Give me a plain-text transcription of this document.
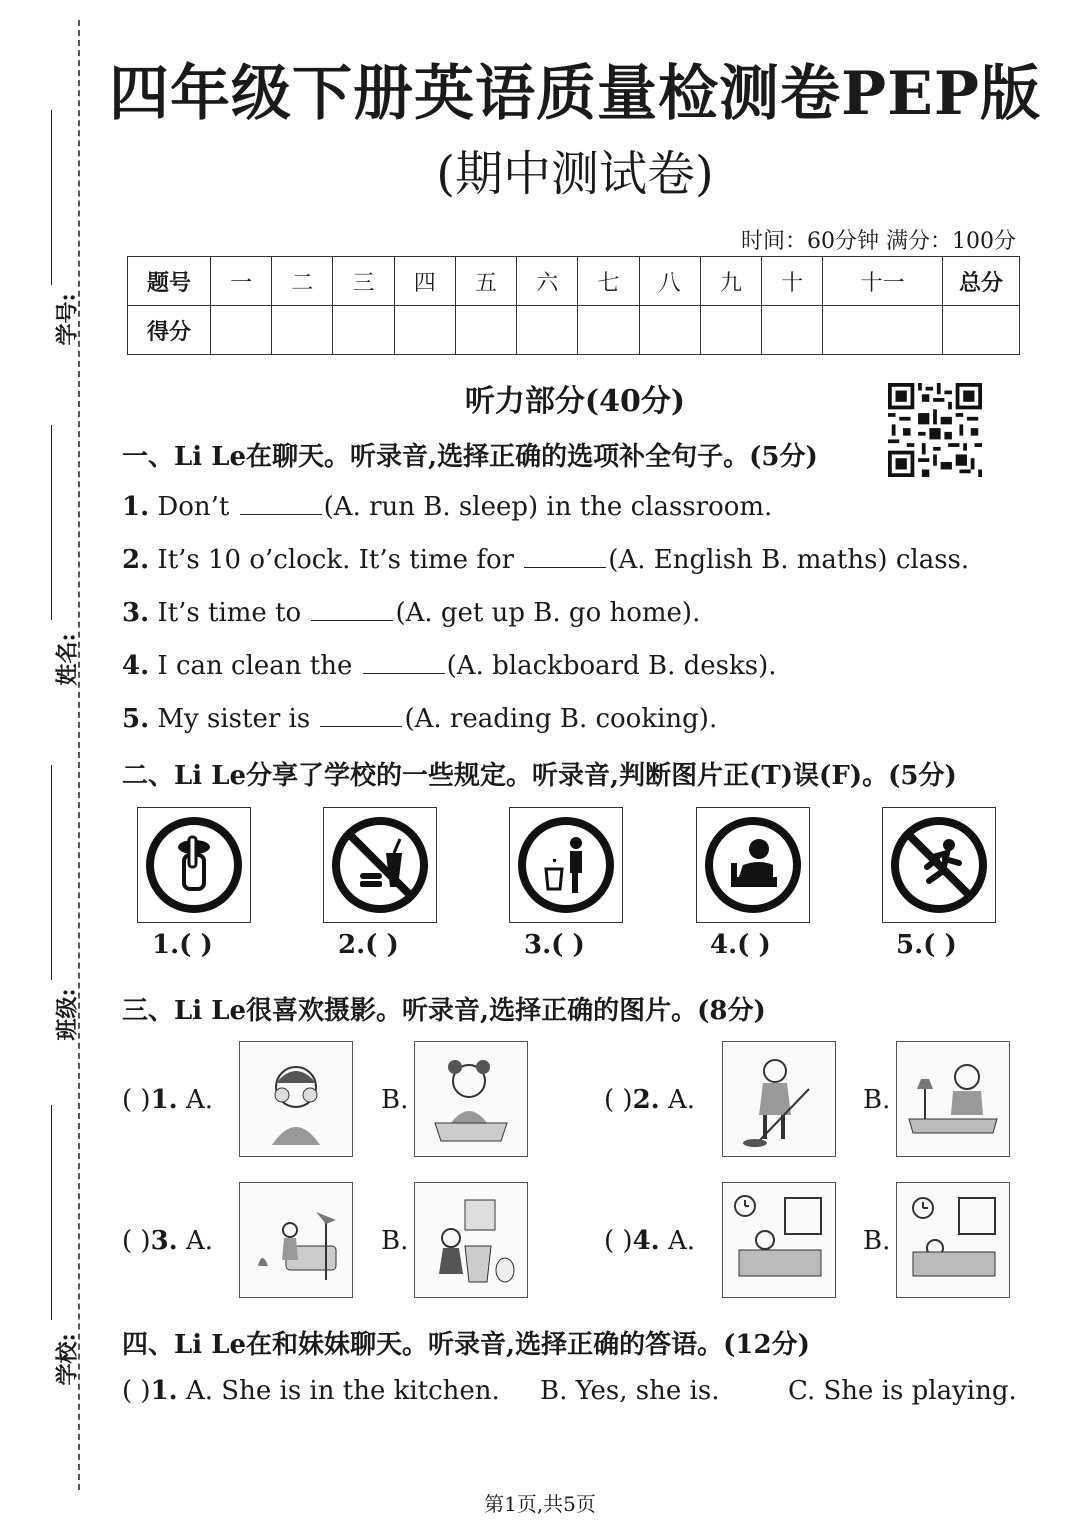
学号:
姓名:
班级:
学校:
四年级下册英语质量检测卷PEP版
(期中测试卷)
时间：60分钟 满分：100分
题号	一	二	三	四	五	六	七	八	九	十	十一	总分
得分												
听力部分(40分)
一、Li Le在聊天。听录音,选择正确的选项补全句子。(5分)
1. Don’t	(A. run B. sleep) in the classroom.
2. It’s 10 o’clock. It’s time for	(A. English B. maths) class.
3. It’s time to	(A. get up B. go home).
4. I can clean the	(A. blackboard B. desks).
5. My sister is	(A. reading B. cooking).
二、Li Le分享了学校的一些规定。听录音,判断图片正(T)误(F)。(5分)
1.( )	2.( )	3.( )	4.( )	5.( )
三、Li Le很喜欢摄影。听录音,选择正确的图片。(8分)
( )1. A.	B.	( )2. A.	B.
( )3. A.	B.	( )4. A.	B.
四、Li Le在和妹妹聊天。听录音,选择正确的答语。(12分)
( )1. A. She is in the kitchen. B. Yes, she is.	C. She is playing.
第1页,共5页
